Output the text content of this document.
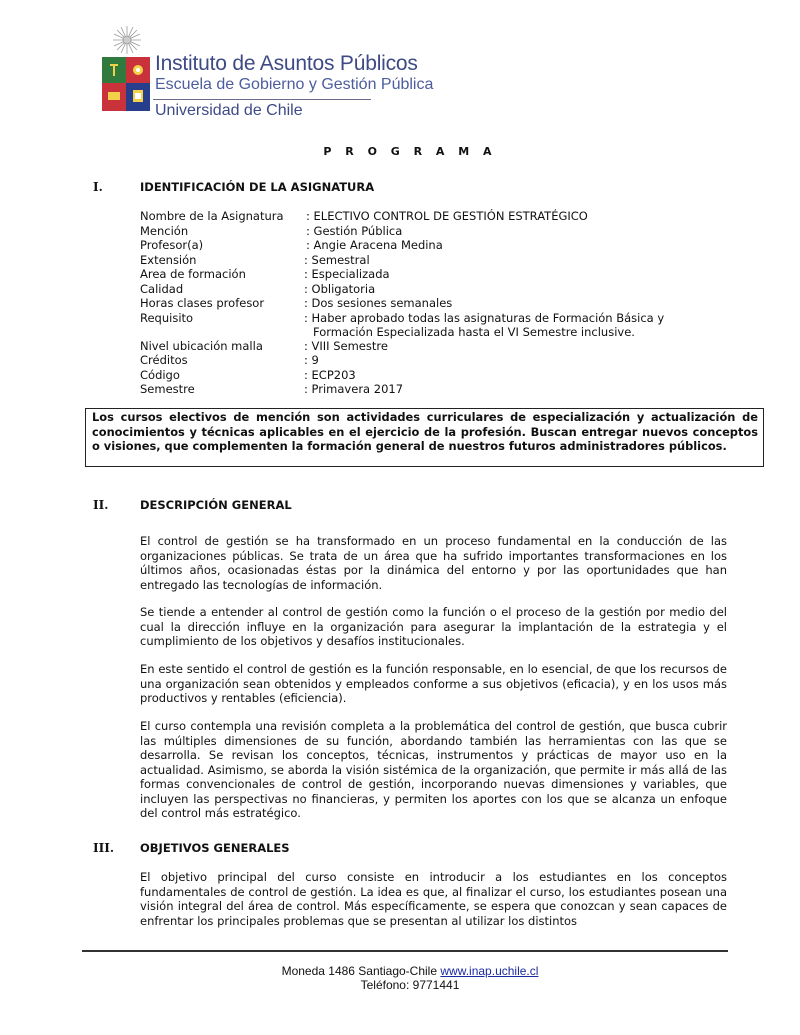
Instituto de Asuntos Públicos
Escuela de Gobierno y Gestión Pública
Universidad de Chile
P R O G R A M A
I.	IDENTIFICACIÓN DE LA ASIGNATURA
Nombre de la Asignatura : ELECTIVO CONTROL DE GESTIÓN ESTRATÉGICO
Mención	: Gestión Pública
Profesor(a)	: Angie Aracena Medina
Extensión	: Semestral
Area de formación	: Especializada
Calidad	: Obligatoria
Horas clases profesor	: Dos sesiones semanales
Requisito	: Haber aprobado todas las asignaturas de Formación Básica y
Formación Especializada hasta el VI Semestre inclusive.
Nivel ubicación malla	: VIII Semestre
Créditos	: 9
Código	: ECP203
Semestre	: Primavera 2017

Los cursos electivos de mención son actividades curriculares de especialización y actualización de conocimientos y técnicas aplicables en el ejercicio de la profesión. Buscan entregar nuevos conceptos o visiones, que complementen la formación general de nuestros futuros administradores públicos.

II.	DESCRIPCIÓN GENERAL

El control de gestión se ha transformado en un proceso fundamental en la conducción de las organizaciones públicas. Se trata de un área que ha sufrido importantes transformaciones en los últimos años, ocasionadas éstas por la dinámica del entorno y por las oportunidades que han entregado las tecnologías de información.

Se tiende a entender al control de gestión como la función o el proceso de la gestión por medio del cual la dirección influye en la organización para asegurar la implantación de la estrategia y el cumplimiento de los objetivos y desafíos institucionales.

En este sentido el control de gestión es la función responsable, en lo esencial, de que los recursos de una organización sean obtenidos y empleados conforme a sus objetivos (eficacia), y en los usos más productivos y rentables (eficiencia).

El curso contempla una revisión completa a la problemática del control de gestión, que busca cubrir las múltiples dimensiones de su función, abordando también las herramientas con las que se desarrolla. Se revisan los conceptos, técnicas, instrumentos y prácticas de mayor uso en la actualidad. Asimismo, se aborda la visión sistémica de la organización, que permite ir más allá de las formas convencionales de control de gestión, incorporando nuevas dimensiones y variables, que incluyen las perspectivas no financieras, y permiten los aportes con los que se alcanza un enfoque del control más estratégico.

III. OBJETIVOS GENERALES

El objetivo principal del curso consiste en introducir a los estudiantes en los conceptos fundamentales de control de gestión. La idea es que, al finalizar el curso, los estudiantes posean una visión integral del área de control. Más específicamente, se espera que conozcan y sean capaces de enfrentar los principales problemas que se presentan al utilizar los distintos

Moneda 1486 Santiago-Chile www.inap.uchile.cl
Teléfono: 9771441
